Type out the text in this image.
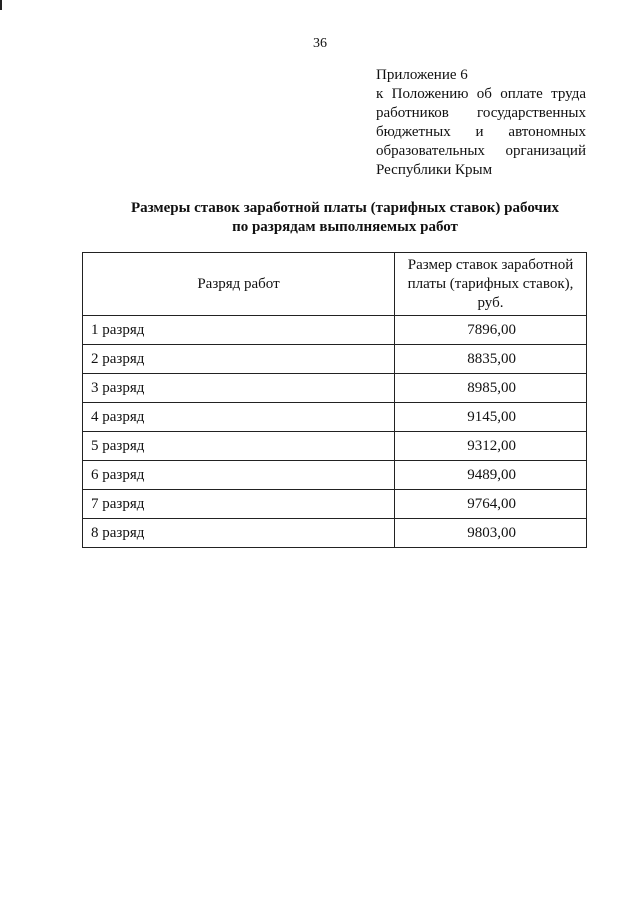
36
Приложение 6
к Положению об оплате труда
работников государственных
бюджетных и автономных
образовательных организаций
Республики Крым
Размеры ставок заработной платы (тарифных ставок) рабочих
по разрядам выполняемых работ
Разряд работ	Размер ставок заработной
платы (тарифных ставок),
руб.
1 разряд	7896,00
2 разряд	8835,00
3 разряд	8985,00
4 разряд	9145,00
5 разряд	9312,00
6 разряд	9489,00
7 разряд	9764,00
8 разряд	9803,00
